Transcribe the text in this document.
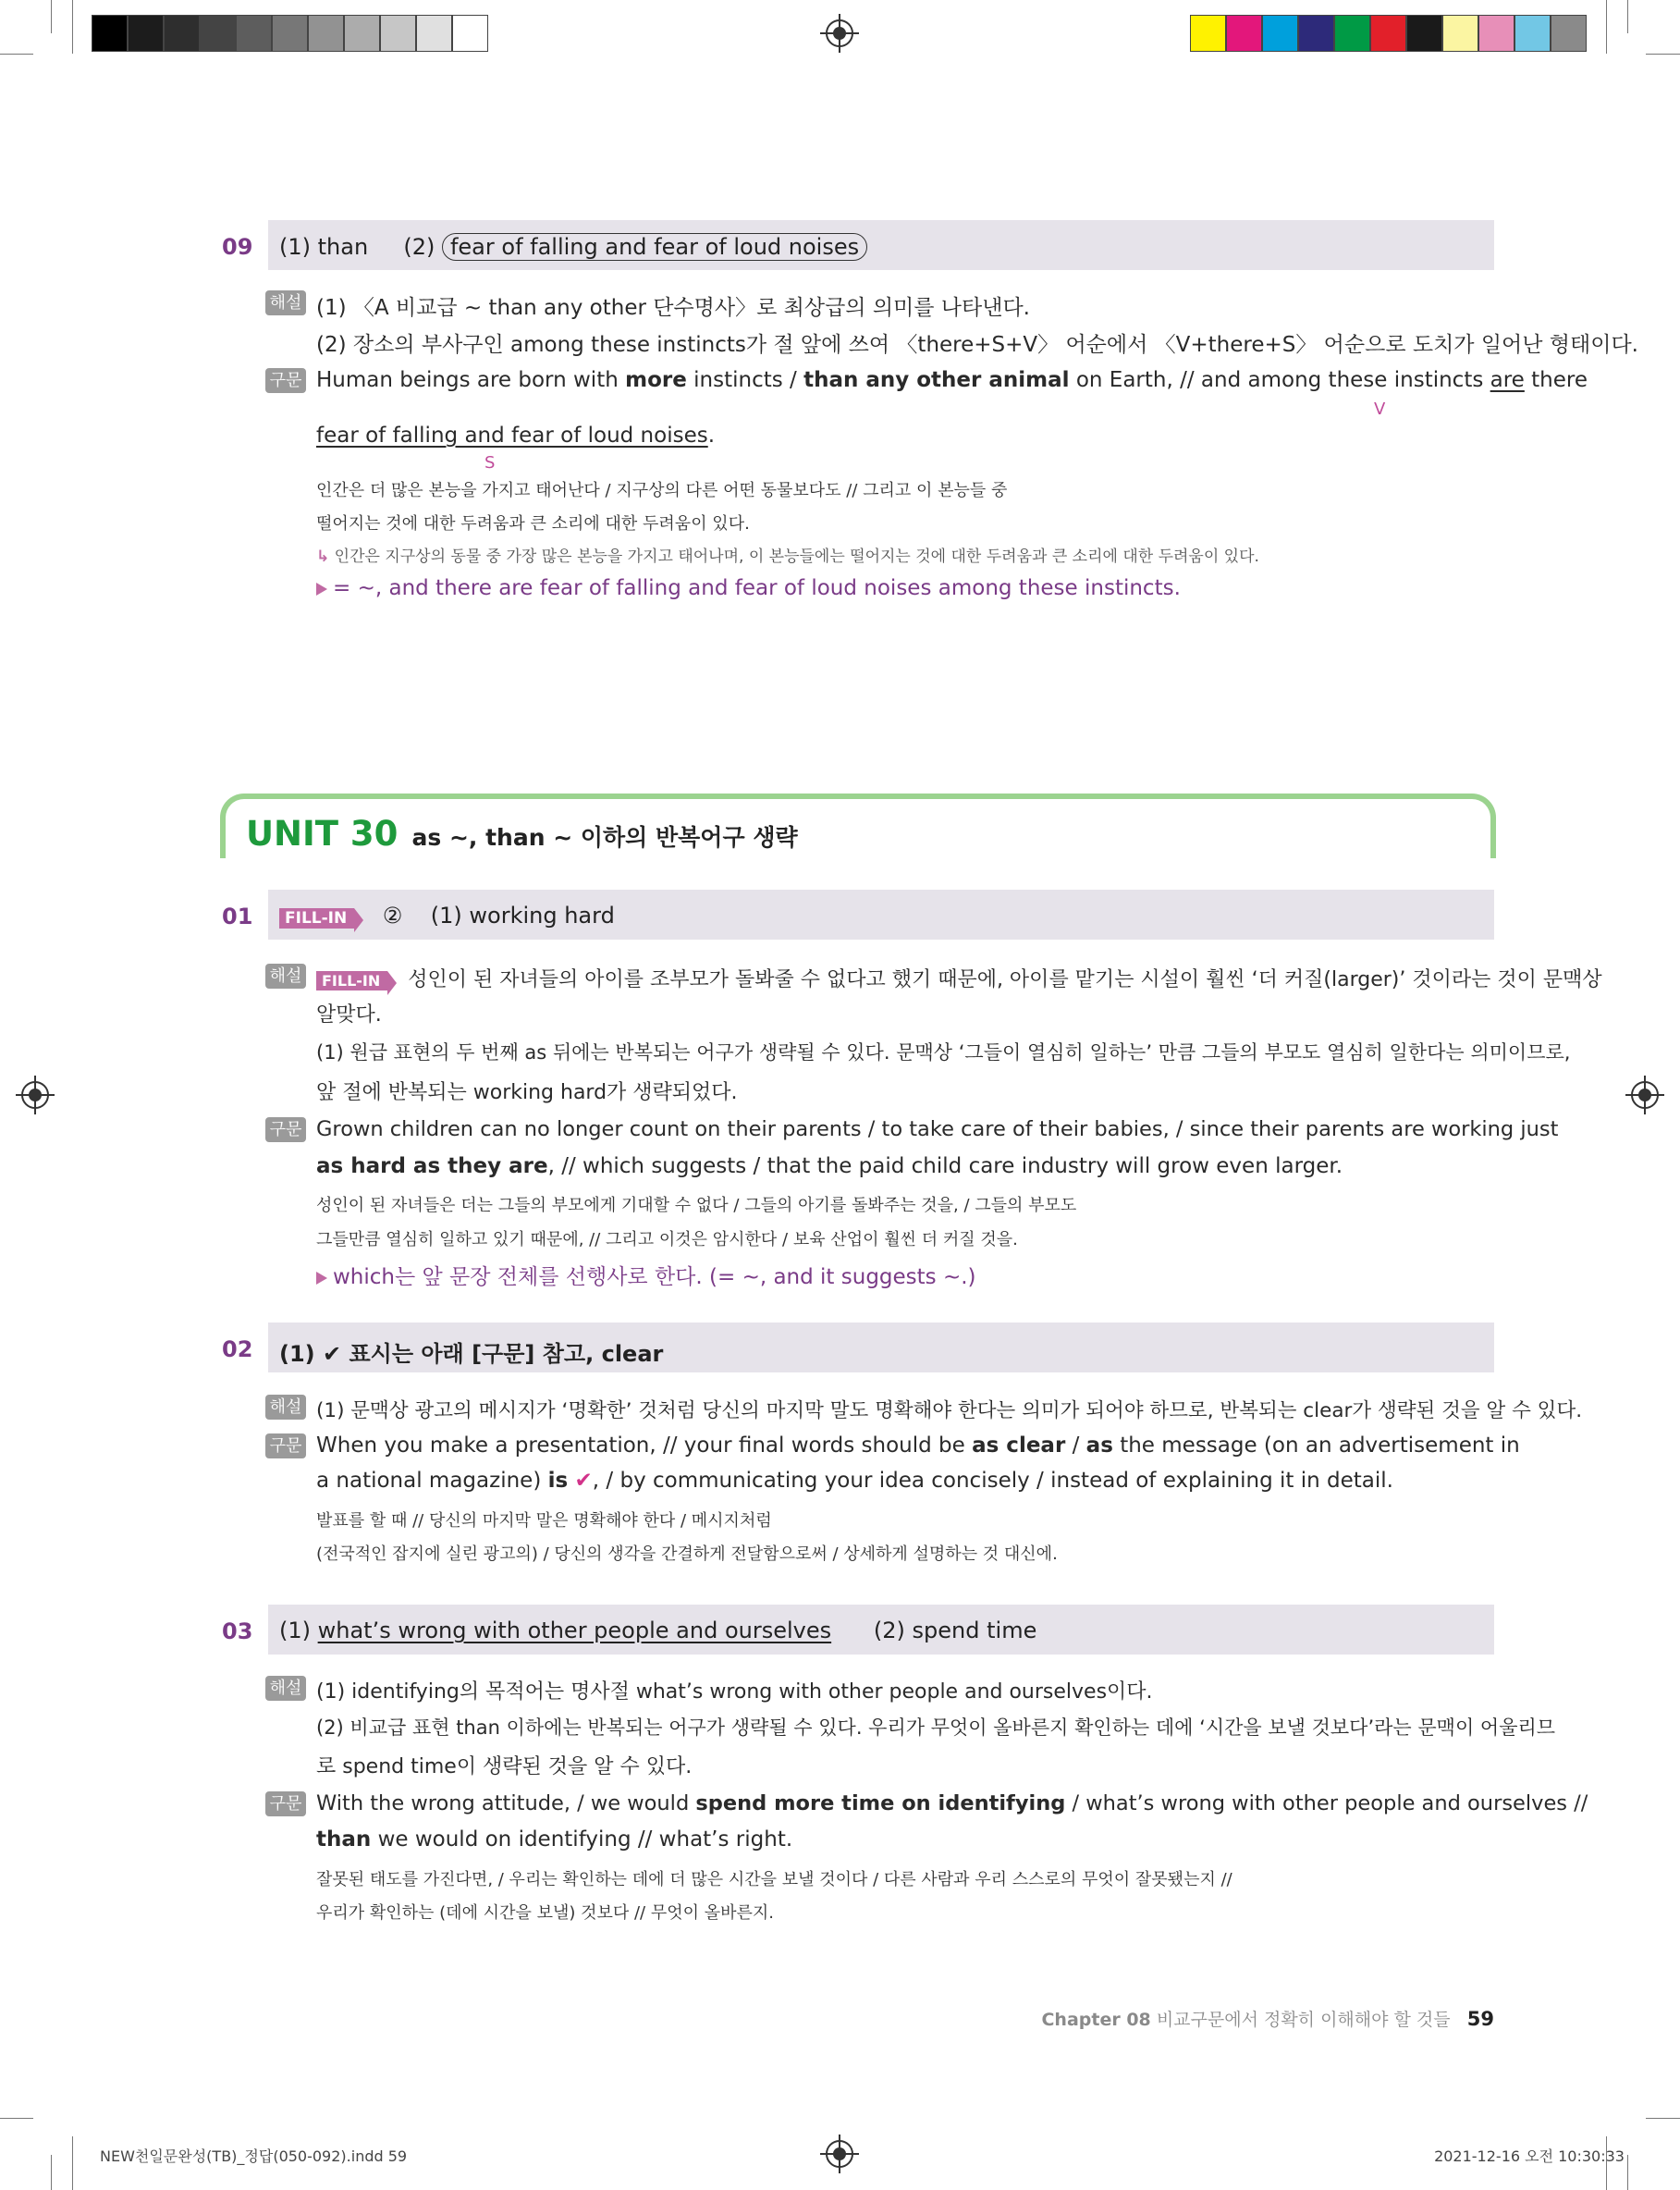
09 (1) than (2) fear of falling and fear of loud noises
해설 (1) 〈A 비교급 ~ than any other 단수명사〉로 최상급의 의미를 나타낸다.
(2) 장소의 부사구인 among these instincts가 절 앞에 쓰여 〈there+S+V〉 어순에서 〈V+there+S〉 어순으로 도치가 일어난 형태이다.
구문 Human beings are born with more instincts / than any other animal on Earth, // and among these instincts are there
V
fear of falling and fear of loud noises.
S
인간은 더 많은 본능을 가지고 태어난다 / 지구상의 다른 어떤 동물보다도 // 그리고 이 본능들 중
떨어지는 것에 대한 두려움과 큰 소리에 대한 두려움이 있다.
↳ 인간은 지구상의 동물 중 가장 많은 본능을 가지고 태어나며, 이 본능들에는 떨어지는 것에 대한 두려움과 큰 소리에 대한 두려움이 있다.
= ~, and there are fear of falling and fear of loud noises among these instincts.
UNIT 30 as ~, than ~ 이하의 반복어구 생략
01	FILL-IN ② (1) working hard
해설	FILL-IN 성인이 된 자녀들의 아이를 조부모가 돌봐줄 수 없다고 했기 때문에, 아이를 맡기는 시설이 훨씬 ‘더 커질(larger)’ 것이라는 것이 문맥상
알맞다.
(1) 원급 표현의 두 번째 as 뒤에는 반복되는 어구가 생략될 수 있다. 문맥상 ‘그들이 열심히 일하는’ 만큼 그들의 부모도 열심히 일한다는 의미이므로,
앞 절에 반복되는 working hard가 생략되었다.
구문 Grown children can no longer count on their parents / to take care of their babies, / since their parents are working just
as hard as they are, // which suggests / that the paid child care industry will grow even larger.
성인이 된 자녀들은 더는 그들의 부모에게 기대할 수 없다 / 그들의 아기를 돌봐주는 것을, / 그들의 부모도
그들만큼 열심히 일하고 있기 때문에, // 그리고 이것은 암시한다 / 보육 산업이 훨씬 더 커질 것을.
which는 앞 문장 전체를 선행사로 한다. (= ~, and it suggests ~.)
02 (1) ✔ 표시는 아래 [구문] 참고, clear
해설 (1) 문맥상 광고의 메시지가 ‘명확한’ 것처럼 당신의 마지막 말도 명확해야 한다는 의미가 되어야 하므로, 반복되는 clear가 생략된 것을 알 수 있다.
구문 When you make a presentation, // your final words should be as clear / as the message (on an advertisement in
a national magazine) is ✔, / by communicating your idea concisely / instead of explaining it in detail.
발표를 할 때 // 당신의 마지막 말은 명확해야 한다 / 메시지처럼
(전국적인 잡지에 실린 광고의) / 당신의 생각을 간결하게 전달함으로써 / 상세하게 설명하는 것 대신에.
03 (1) what’s wrong with other people and ourselves (2) spend time
해설 (1) identifying의 목적어는 명사절 what’s wrong with other people and ourselves이다.
(2) 비교급 표현 than 이하에는 반복되는 어구가 생략될 수 있다. 우리가 무엇이 올바른지 확인하는 데에 ‘시간을 보낼 것보다’라는 문맥이 어울리므
로 spend time이 생략된 것을 알 수 있다.
구문 With the wrong attitude, / we would spend more time on identifying / what’s wrong with other people and ourselves //
than we would on identifying // what’s right.
잘못된 태도를 가진다면, / 우리는 확인하는 데에 더 많은 시간을 보낼 것이다 / 다른 사람과 우리 스스로의 무엇이 잘못됐는지 //
우리가 확인하는 (데에 시간을 보낼) 것보다 // 무엇이 올바른지.
Chapter 08 비교구문에서 정확히 이해해야 할 것들 59
NEW천일문완성(TB)_정답(050-092).indd 59	2021-12-16 오전 10:30:33
